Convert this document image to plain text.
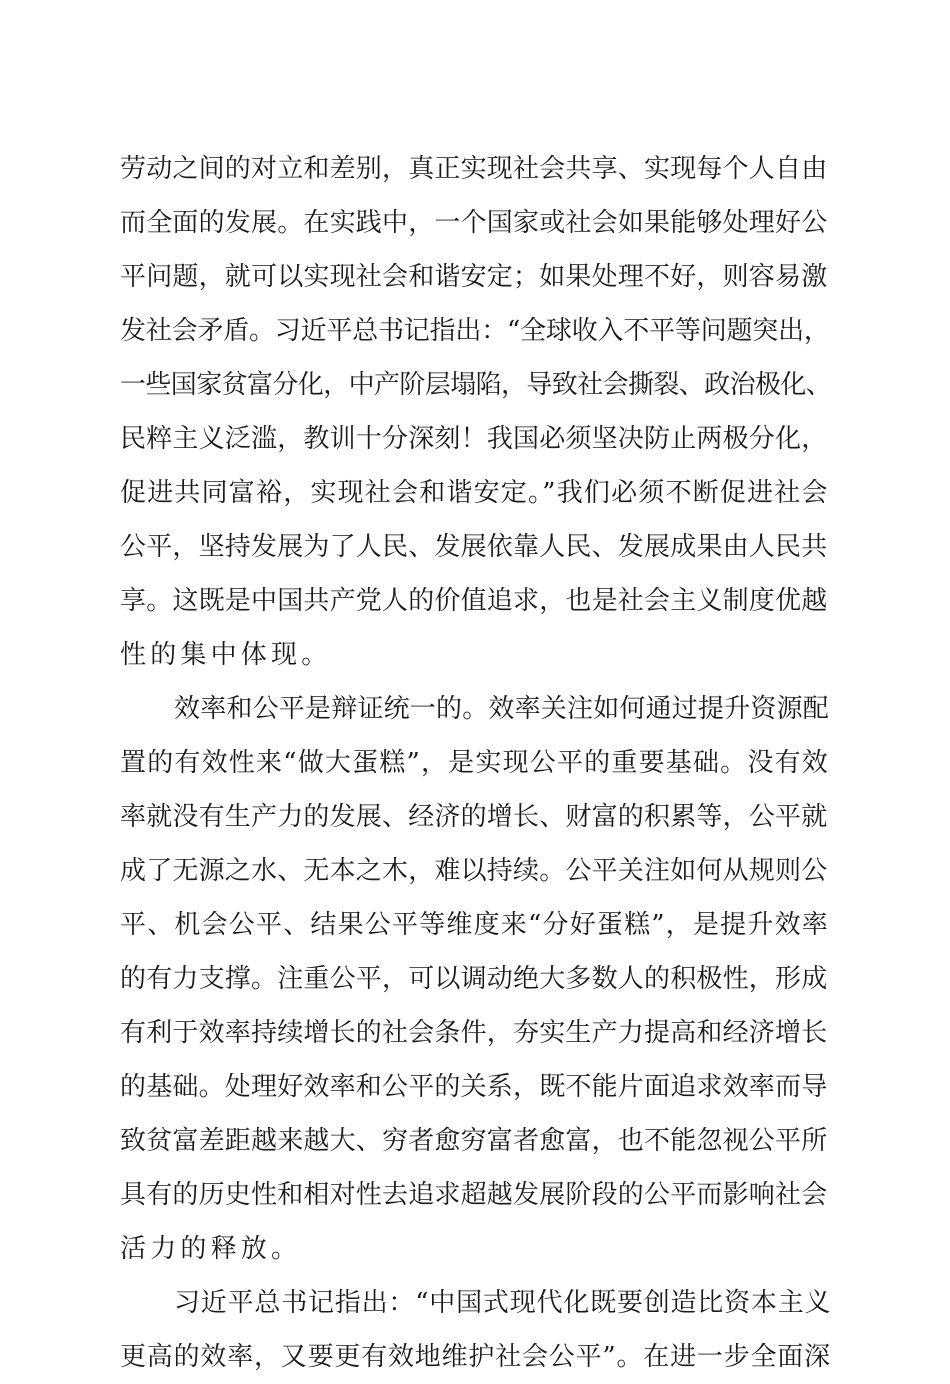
劳动之间的对立和差别，真正实现社会共享、实现每个人自由
而全面的发展。在实践中，一个国家或社会如果能够处理好公
平问题，就可以实现社会和谐安定；如果处理不好，则容易激
发社会矛盾。习近平总书记指出：“全球收入不平等问题突出，
一些国家贫富分化，中产阶层塌陷，导致社会撕裂、政治极化、
民粹主义泛滥，教训十分深刻！我国必须坚决防止两极分化，
促进共同富裕，实现社会和谐安定。”我们必须不断促进社会
公平，坚持发展为了人民、发展依靠人民、发展成果由人民共
享。这既是中国共产党人的价值追求，也是社会主义制度优越
性的集中体现。
效率和公平是辩证统一的。效率关注如何通过提升资源配
置的有效性来“做大蛋糕”，是实现公平的重要基础。没有效
率就没有生产力的发展、经济的增长、财富的积累等，公平就
成了无源之水、无本之木，难以持续。公平关注如何从规则公
平、机会公平、结果公平等维度来“分好蛋糕”，是提升效率
的有力支撑。注重公平，可以调动绝大多数人的积极性，形成
有利于效率持续增长的社会条件，夯实生产力提高和经济增长
的基础。处理好效率和公平的关系，既不能片面追求效率而导
致贫富差距越来越大、穷者愈穷富者愈富，也不能忽视公平所
具有的历史性和相对性去追求超越发展阶段的公平而影响社会
活力的释放。
习近平总书记指出：“中国式现代化既要创造比资本主义
更高的效率，又要更有效地维护社会公平”。在进一步全面深
